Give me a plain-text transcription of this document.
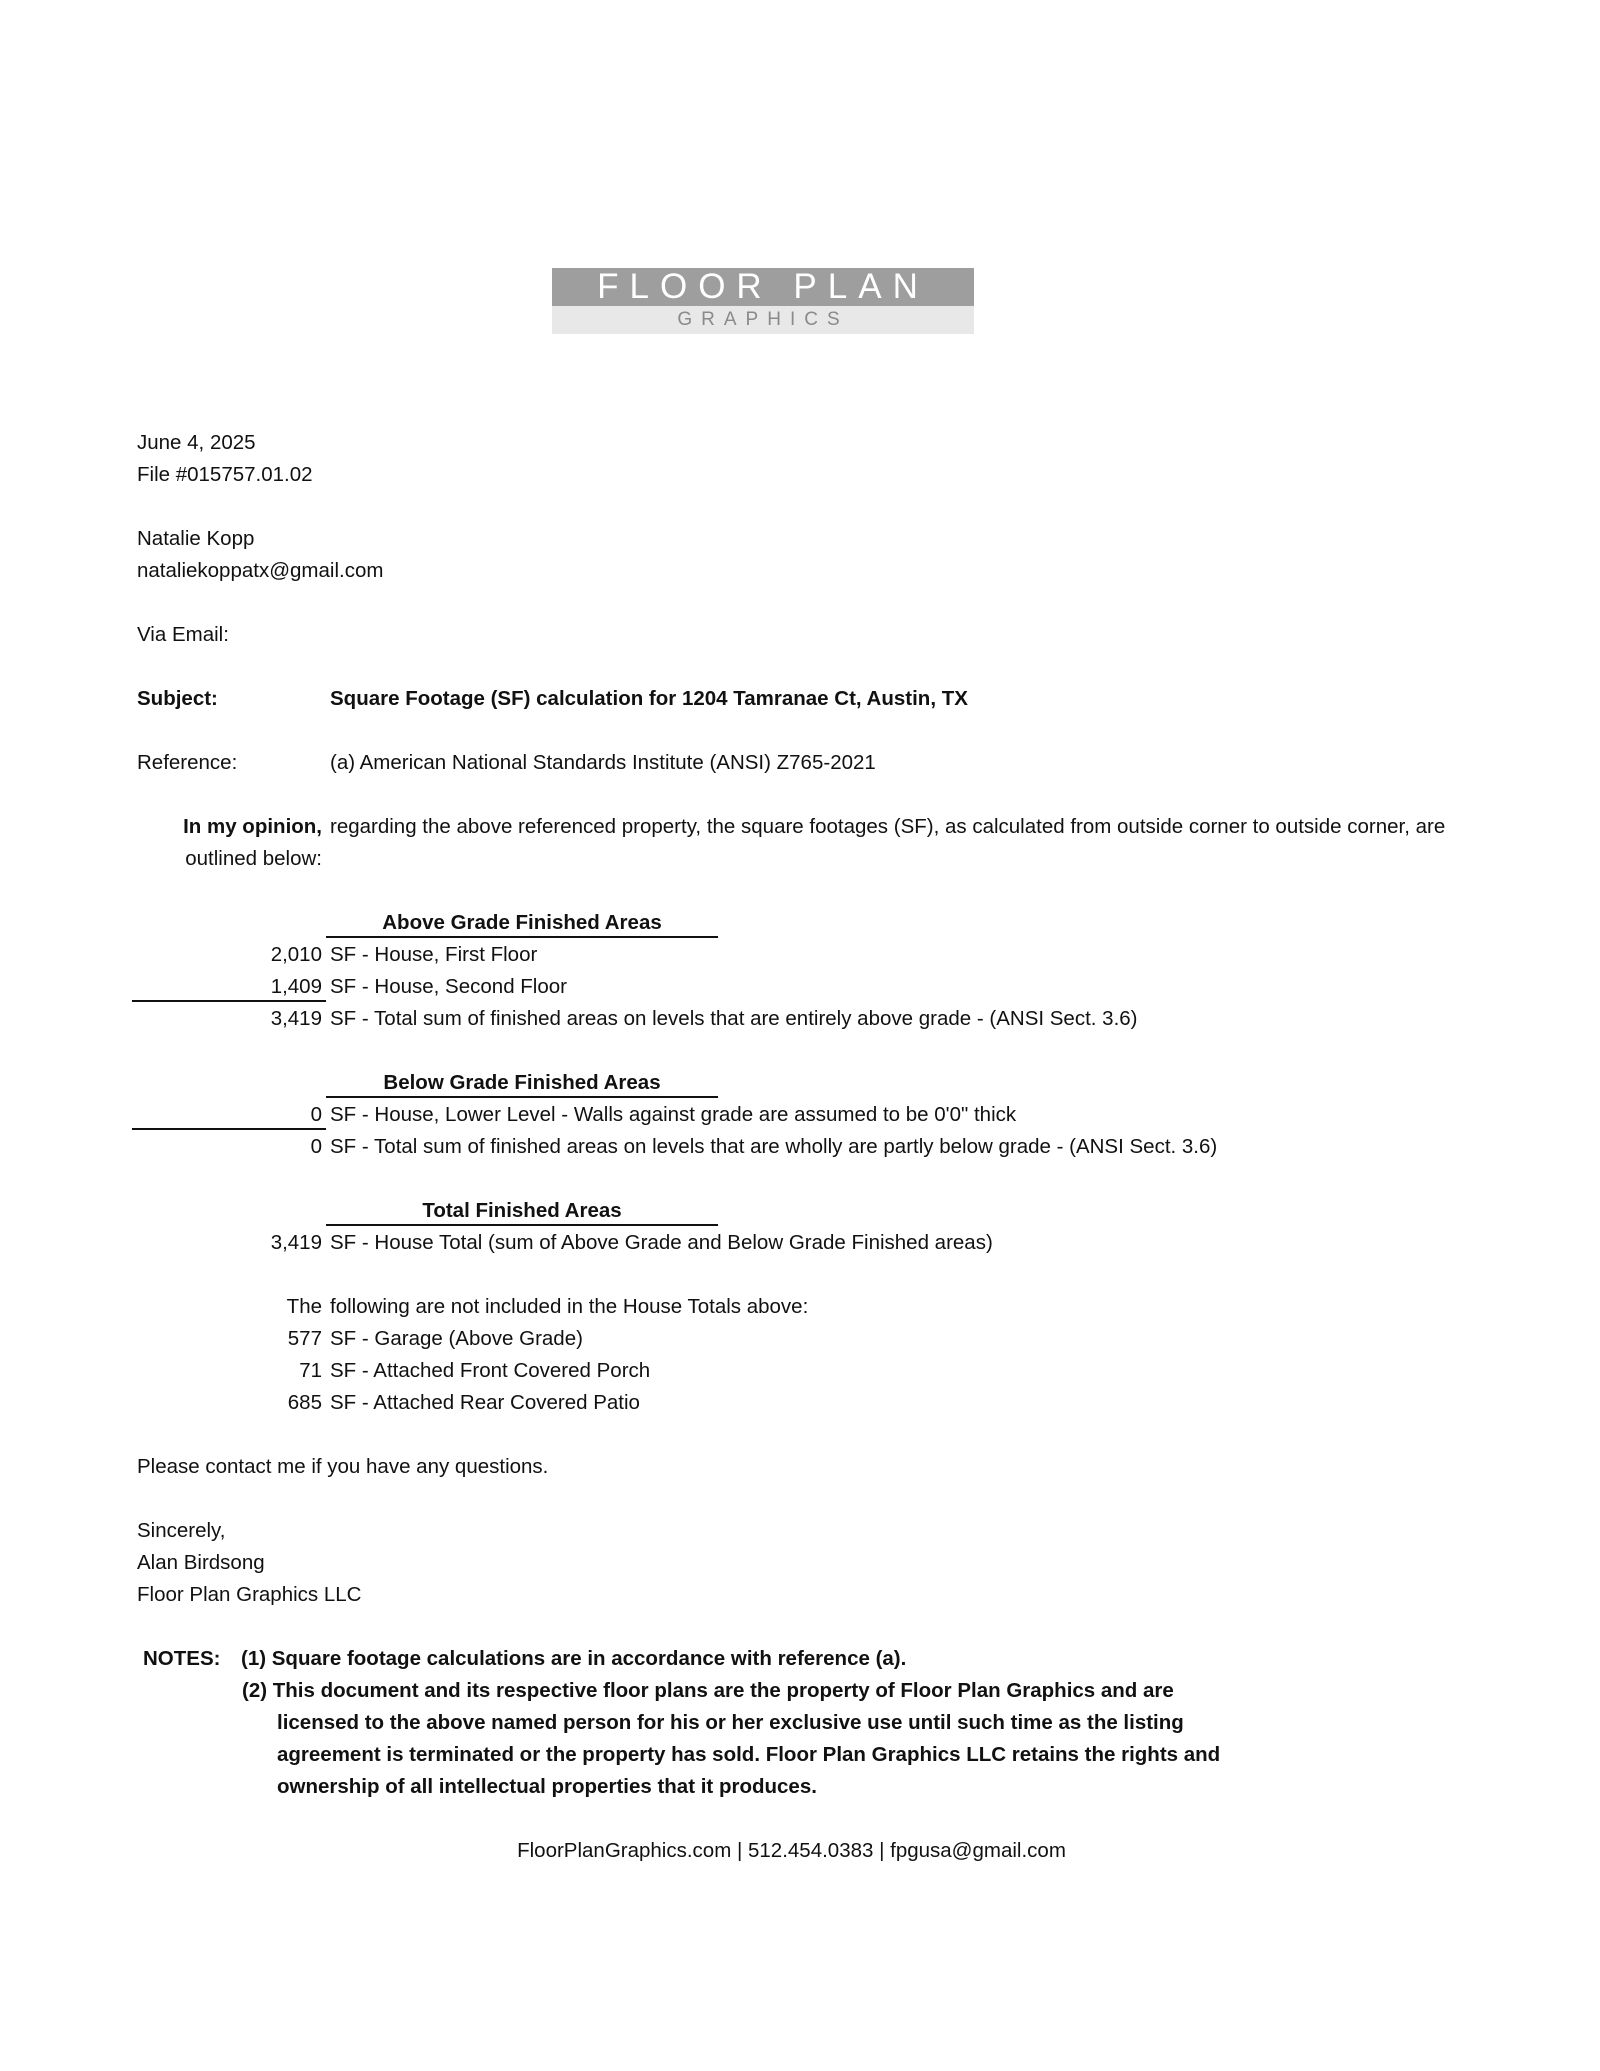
FLOOR PLAN
GRAPHICS
June 4, 2025
File #015757.01.02
Natalie Kopp
nataliekoppatx@gmail.com
Via Email:
Subject:	Square Footage (SF) calculation for 1204 Tamranae Ct, Austin, TX
Reference:	(a) American National Standards Institute (ANSI) Z765-2021
In my opinion, regarding the above referenced property, the square footages (SF), as calculated from outside corner to outside corner, are
outlined below:
Above Grade Finished Areas
2,010 SF - House, First Floor
1,409 SF - House, Second Floor
3,419 SF - Total sum of finished areas on levels that are entirely above grade - (ANSI Sect. 3.6)
Below Grade Finished Areas
0 SF - House, Lower Level - Walls against grade are assumed to be 0'0" thick
0 SF - Total sum of finished areas on levels that are wholly are partly below grade - (ANSI Sect. 3.6)
Total Finished Areas
3,419 SF - House Total (sum of Above Grade and Below Grade Finished areas)
The following are not included in the House Totals above:
577 SF - Garage (Above Grade)
71 SF - Attached Front Covered Porch
685 SF - Attached Rear Covered Patio
Please contact me if you have any questions.
Sincerely,
Alan Birdsong
Floor Plan Graphics LLC
NOTES: (1) Square footage calculations are in accordance with reference (a).
(2) This document and its respective floor plans are the property of Floor Plan Graphics and are
licensed to the above named person for his or her exclusive use until such time as the listing
agreement is terminated or the property has sold. Floor Plan Graphics LLC retains the rights and
ownership of all intellectual properties that it produces.
FloorPlanGraphics.com | 512.454.0383 | fpgusa@gmail.com
